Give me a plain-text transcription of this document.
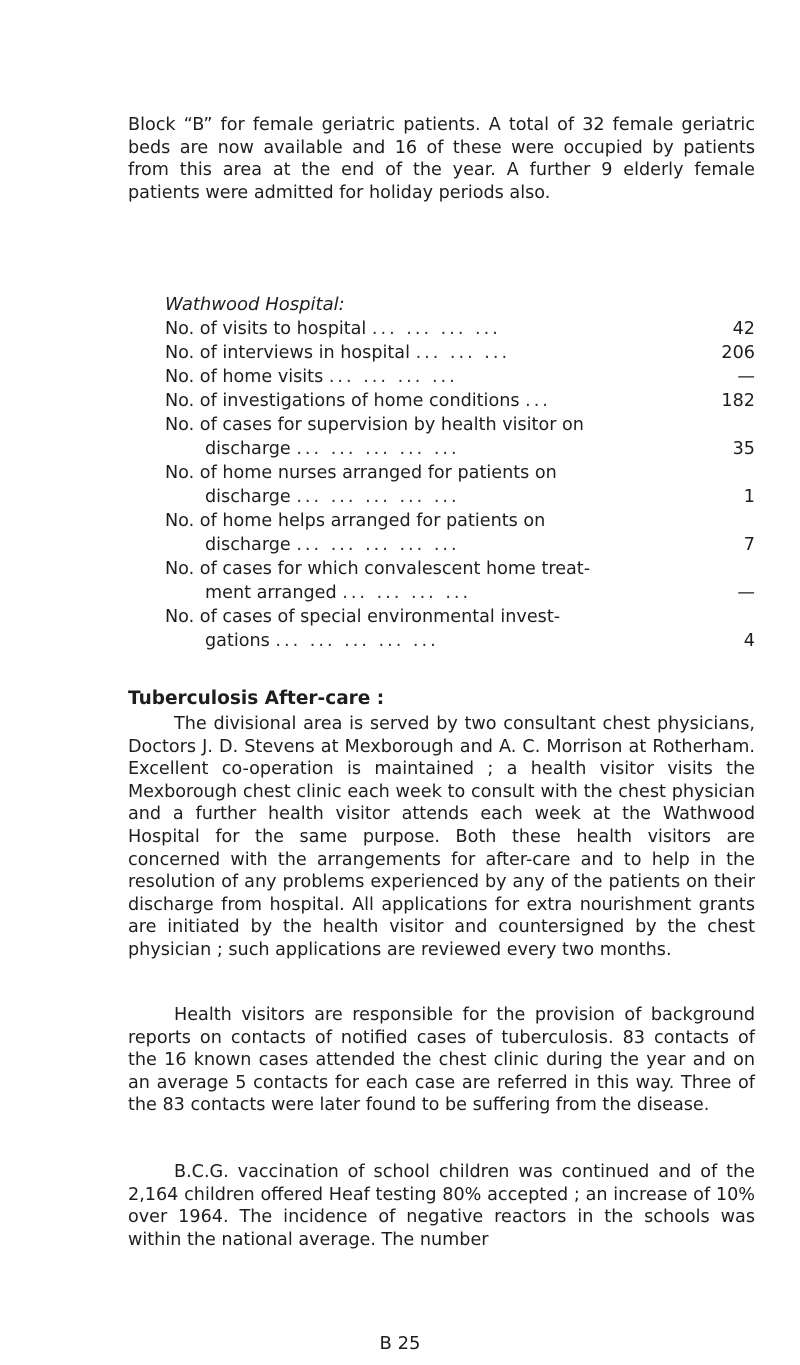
Block “B” for female geriatric patients. A total of 32 female geriatric beds are now available and 16 of these were occupied by patients from this area at the end of the year. A further 9 elderly female patients were admitted for holiday periods also.

Wathwood Hospital:

No. of visits to hospital ... ... ... ...	42
No. of interviews in hospital ... ... ...	206
No. of home visits ... ... ... ...	—
No. of investigations of home conditions ...	182
No. of cases for supervision by health visitor on
discharge ... ... ... ... ...	35
No. of home nurses arranged for patients on
discharge ... ... ... ... ...	1
No. of home helps arranged for patients on
discharge ... ... ... ... ...	7
No. of cases for which convalescent home treat-
ment arranged ... ... ... ...	—
No. of cases of special environmental invest-
gations ... ... ... ... ...	4

Tuberculosis After-care :

The divisional area is served by two consultant chest physicians, Doctors J. D. Stevens at Mexborough and A. C. Morrison at Rotherham. Excellent co-operation is maintained ; a health visitor visits the Mexborough chest clinic each week to consult with the chest physician and a further health visitor attends each week at the Wathwood Hospital for the same purpose. Both these health visitors are concerned with the arrangements for after-care and to help in the resolution of any problems experienced by any of the patients on their discharge from hospital. All applications for extra nourishment grants are initiated by the health visitor and countersigned by the chest physician ; such applications are reviewed every two months.

Health visitors are responsible for the provision of background reports on contacts of notified cases of tuberculosis. 83 contacts of the 16 known cases attended the chest clinic during the year and on an average 5 contacts for each case are referred in this way. Three of the 83 contacts were later found to be suffering from the disease.

B.C.G. vaccination of school children was continued and of the 2,164 children offered Heaf testing 80% accepted ; an increase of 10% over 1964. The incidence of negative reactors in the schools was within the national average. The number

B 25
